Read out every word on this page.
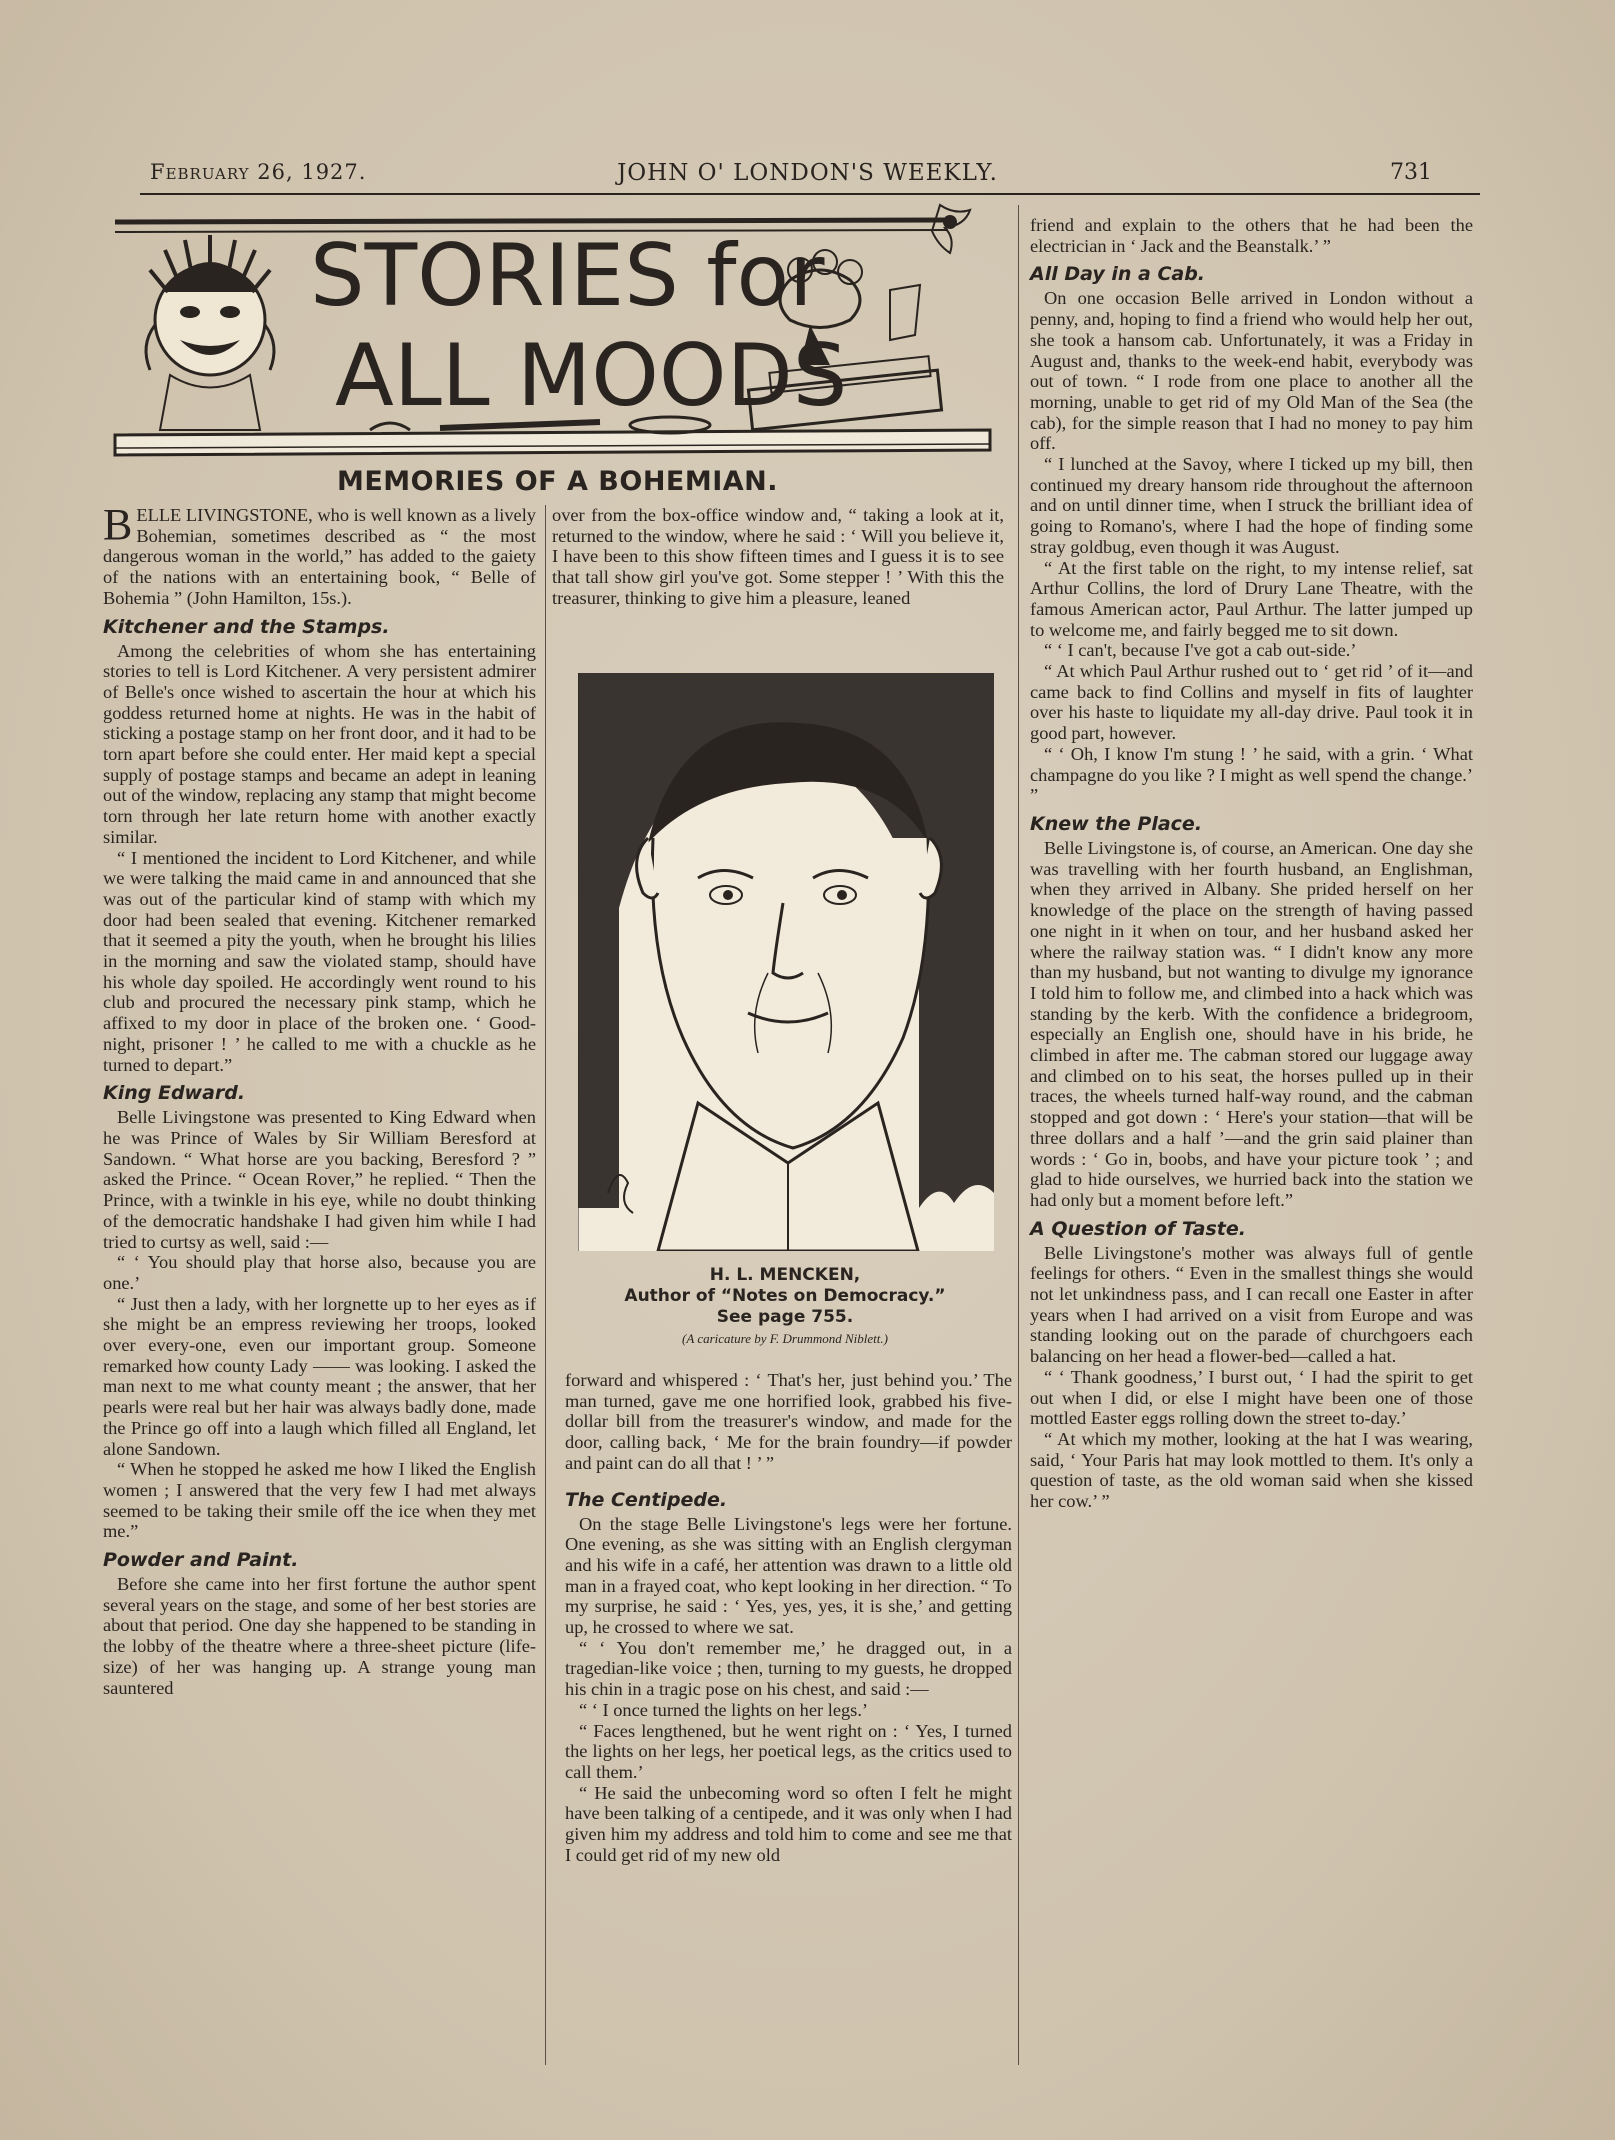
February 26, 1927.	JOHN O' LONDON'S WEEKLY.	731
STORIES for
ALL MOODS
MEMORIES OF A BOHEMIAN.

BELLE LIVINGSTONE, who is well known as a lively Bohemian, sometimes described as “ the most dangerous woman in the world,” has added to the gaiety of the nations with an entertaining book, “ Belle of Bohemia ” (John Hamilton, 15s.).

Kitchener and the Stamps.

Among the celebrities of whom she has entertaining stories to tell is Lord Kitchener. A very persistent admirer of Belle's once wished to ascertain the hour at which his goddess returned home at nights. He was in the habit of sticking a postage stamp on her front door, and it had to be torn apart before she could enter. Her maid kept a special supply of postage stamps and became an adept in leaning out of the window, replacing any stamp that might become torn through her late return home with another exactly similar.

“ I mentioned the incident to Lord Kitchener, and while we were talking the maid came in and announced that she was out of the particular kind of stamp with which my door had been sealed that evening. Kitchener remarked that it seemed a pity the youth, when he brought his lilies in the morning and saw the violated stamp, should have his whole day spoiled. He accordingly went round to his club and procured the necessary pink stamp, which he affixed to my door in place of the broken one. ‘ Good-night, prisoner ! ’ he called to me with a chuckle as he turned to depart.”

King Edward.

Belle Livingstone was presented to King Edward when he was Prince of Wales by Sir William Beresford at Sandown. “ What horse are you backing, Beresford ? ” asked the Prince. “ Ocean Rover,” he replied. “ Then the Prince, with a twinkle in his eye, while no doubt thinking of the democratic handshake I had given him while I had tried to curtsy as well, said :—

“ ‘ You should play that horse also, because you are one.’

“ Just then a lady, with her lorgnette up to her eyes as if she might be an empress reviewing her troops, looked over every-one, even our important group. Someone remarked how county Lady —— was looking. I asked the man next to me what county meant ; the answer, that her pearls were real but her hair was always badly done, made the Prince go off into a laugh which filled all England, let alone Sandown.

“ When he stopped he asked me how I liked the English women ; I answered that the very few I had met always seemed to be taking their smile off the ice when they met me.”

Powder and Paint.

Before she came into her first fortune the author spent several years on the stage, and some of her best stories are about that period. One day she happened to be standing in the lobby of the theatre where a three-sheet picture (life-size) of her was hanging up. A strange young man sauntered

over from the box-office window and, “ taking a look at it, returned to the window, where he said : ‘ Will you believe it, I have been to this show fifteen times and I guess it is to see that tall show girl you've got. Some stepper ! ’ With this the treasurer, thinking to give him a pleasure, leaned

H. L. MENCKEN,
Author of “Notes on Democracy.”
See page 755.
(A caricature by F. Drummond Niblett.)

forward and whispered : ‘ That's her, just behind you.’ The man turned, gave me one horrified look, grabbed his five-dollar bill from the treasurer's window, and made for the door, calling back, ‘ Me for the brain foundry—if powder and paint can do all that ! ’ ”

The Centipede.

On the stage Belle Livingstone's legs were her fortune. One evening, as she was sitting with an English clergyman and his wife in a café, her attention was drawn to a little old man in a frayed coat, who kept looking in her direction. “ To my surprise, he said : ‘ Yes, yes, yes, it is she,’ and getting up, he crossed to where we sat.

“ ‘ You don't remember me,’ he dragged out, in a tragedian-like voice ; then, turning to my guests, he dropped his chin in a tragic pose on his chest, and said :—

“ ‘ I once turned the lights on her legs.’

“ Faces lengthened, but he went right on : ‘ Yes, I turned the lights on her legs, her poetical legs, as the critics used to call them.’

“ He said the unbecoming word so often I felt he might have been talking of a centipede, and it was only when I had given him my address and told him to come and see me that I could get rid of my new old

friend and explain to the others that he had been the electrician in ‘ Jack and the Beanstalk.’ ”

All Day in a Cab.

On one occasion Belle arrived in London without a penny, and, hoping to find a friend who would help her out, she took a hansom cab. Unfortunately, it was a Friday in August and, thanks to the week-end habit, everybody was out of town. “ I rode from one place to another all the morning, unable to get rid of my Old Man of the Sea (the cab), for the simple reason that I had no money to pay him off.

“ I lunched at the Savoy, where I ticked up my bill, then continued my dreary hansom ride throughout the afternoon and on until dinner time, when I struck the brilliant idea of going to Romano's, where I had the hope of finding some stray goldbug, even though it was August.

“ At the first table on the right, to my intense relief, sat Arthur Collins, the lord of Drury Lane Theatre, with the famous American actor, Paul Arthur. The latter jumped up to welcome me, and fairly begged me to sit down.

“ ‘ I can't, because I've got a cab out-side.’

“ At which Paul Arthur rushed out to ‘ get rid ’ of it—and came back to find Collins and myself in fits of laughter over his haste to liquidate my all-day drive. Paul took it in good part, however.

“ ‘ Oh, I know I'm stung ! ’ he said, with a grin. ‘ What champagne do you like ? I might as well spend the change.’ ”

Knew the Place.

Belle Livingstone is, of course, an American. One day she was travelling with her fourth husband, an Englishman, when they arrived in Albany. She prided herself on her knowledge of the place on the strength of having passed one night in it when on tour, and her husband asked her where the railway station was. “ I didn't know any more than my husband, but not wanting to divulge my ignorance I told him to follow me, and climbed into a hack which was standing by the kerb. With the confidence a bridegroom, especially an English one, should have in his bride, he climbed in after me. The cabman stored our luggage away and climbed on to his seat, the horses pulled up in their traces, the wheels turned half-way round, and the cabman stopped and got down : ‘ Here's your station—that will be three dollars and a half ’—and the grin said plainer than words : ‘ Go in, boobs, and have your picture took ’ ; and glad to hide ourselves, we hurried back into the station we had only but a moment before left.”

A Question of Taste.

Belle Livingstone's mother was always full of gentle feelings for others. “ Even in the smallest things she would not let unkindness pass, and I can recall one Easter in after years when I had arrived on a visit from Europe and was standing looking out on the parade of churchgoers each balancing on her head a flower-bed—called a hat.

“ ‘ Thank goodness,’ I burst out, ‘ I had the spirit to get out when I did, or else I might have been one of those mottled Easter eggs rolling down the street to-day.’

“ At which my mother, looking at the hat I was wearing, said, ‘ Your Paris hat may look mottled to them. It's only a question of taste, as the old woman said when she kissed her cow.’ ”
